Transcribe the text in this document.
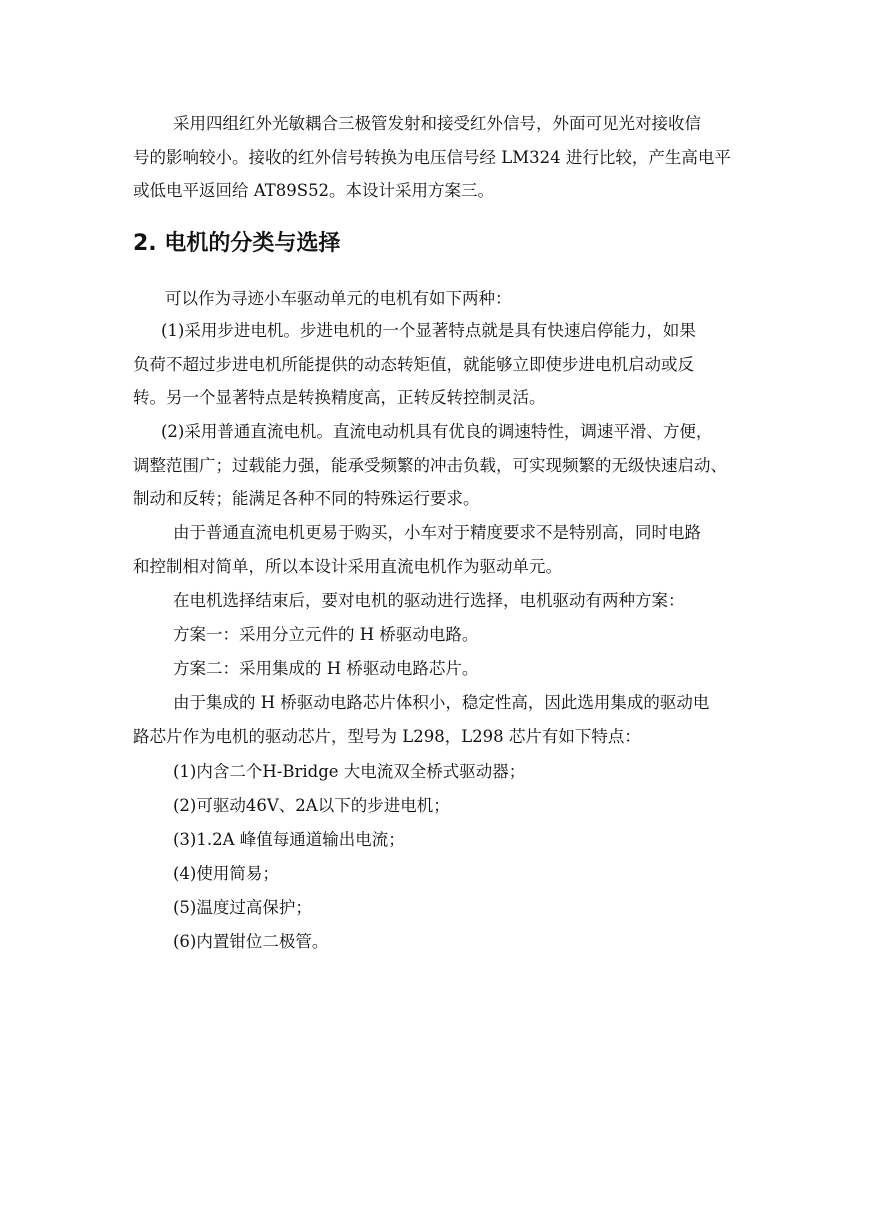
采用四组红外光敏耦合三极管发射和接受红外信号，外面可见光对接收信
号的影响较小。接收的红外信号转换为电压信号经 LM324 进行比较，产生高电平
或低电平返回给 AT89S52。本设计采用方案三。
2. 电机的分类与选择
可以作为寻迹小车驱动单元的电机有如下两种：
(1)采用步进电机。步进电机的一个显著特点就是具有快速启停能力，如果
负荷不超过步进电机所能提供的动态转矩值，就能够立即使步进电机启动或反
转。另一个显著特点是转换精度高，正转反转控制灵活。
(2)采用普通直流电机。直流电动机具有优良的调速特性，调速平滑、方便，
调整范围广；过载能力强，能承受频繁的冲击负载，可实现频繁的无级快速启动、
制动和反转；能满足各种不同的特殊运行要求。
由于普通直流电机更易于购买，小车对于精度要求不是特别高，同时电路
和控制相对简单，所以本设计采用直流电机作为驱动单元。
在电机选择结束后，要对电机的驱动进行选择，电机驱动有两种方案：
方案一：采用分立元件的 H 桥驱动电路。
方案二：采用集成的 H 桥驱动电路芯片。
由于集成的 H 桥驱动电路芯片体积小，稳定性高，因此选用集成的驱动电
路芯片作为电机的驱动芯片，型号为 L298，L298 芯片有如下特点：
(1)内含二个H-Bridge 大电流双全桥式驱动器；
(2)可驱动46V、2A以下的步进电机；
(3)1.2A 峰值每通道输出电流；
(4)使用简易；
(5)温度过高保护；
(6)内置钳位二极管。
